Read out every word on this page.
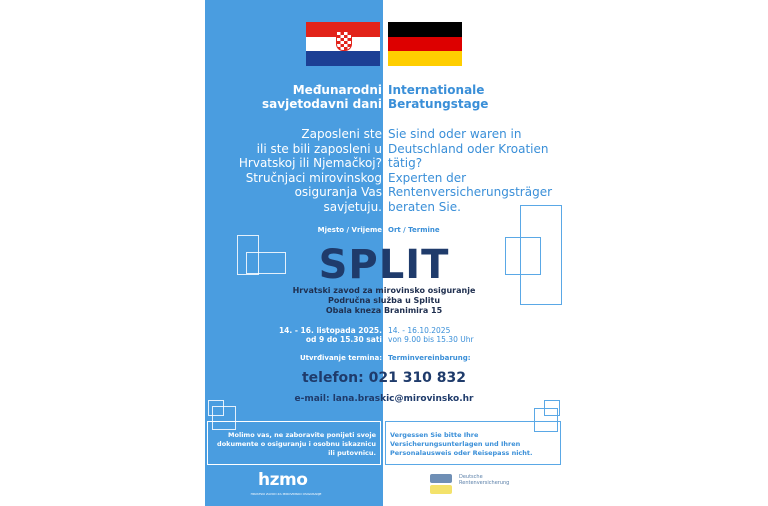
Međunarodni
savjetodavni dani
Internationale
Beratungstage
Zaposleni ste
ili ste bili zaposleni u
Hrvatskoj ili Njemačkoj?
Stručnjaci mirovinskog
osiguranja Vas
savjetuju.
Sie sind oder waren in
Deutschland oder Kroatien
tätig?
Experten der
Rentenversicherungsträger
beraten Sie.
Mjesto / Vrijeme Ort / Termine
SPLIT
Hrvatski zavod za mirovinsko osiguranje
Područna služba u Splitu
Obala kneza Branimira 15
14. - 16. listopada 2025.
od 9 do 15.30 sati
14. - 16.10.2025
von 9.00 bis 15.30 Uhr
Utvrđivanje termina: Terminvereinbarung:
telefon: 021 310 832
e-mail: lana.braskic@mirovinsko.hr
Molimo vas, ne zaboravite ponijeti svoje
dokumente o osiguranju i osobnu iskaznicu
ili putovnicu.
Vergessen Sie bitte Ihre
Versicherungsunterlagen und Ihren
Personalausweis oder Reisepass nicht.
hzmo
HRVATSKI ZAVOD ZA MIROVINSKO OSIGURANJE
Deutsche
Rentenversicherung
